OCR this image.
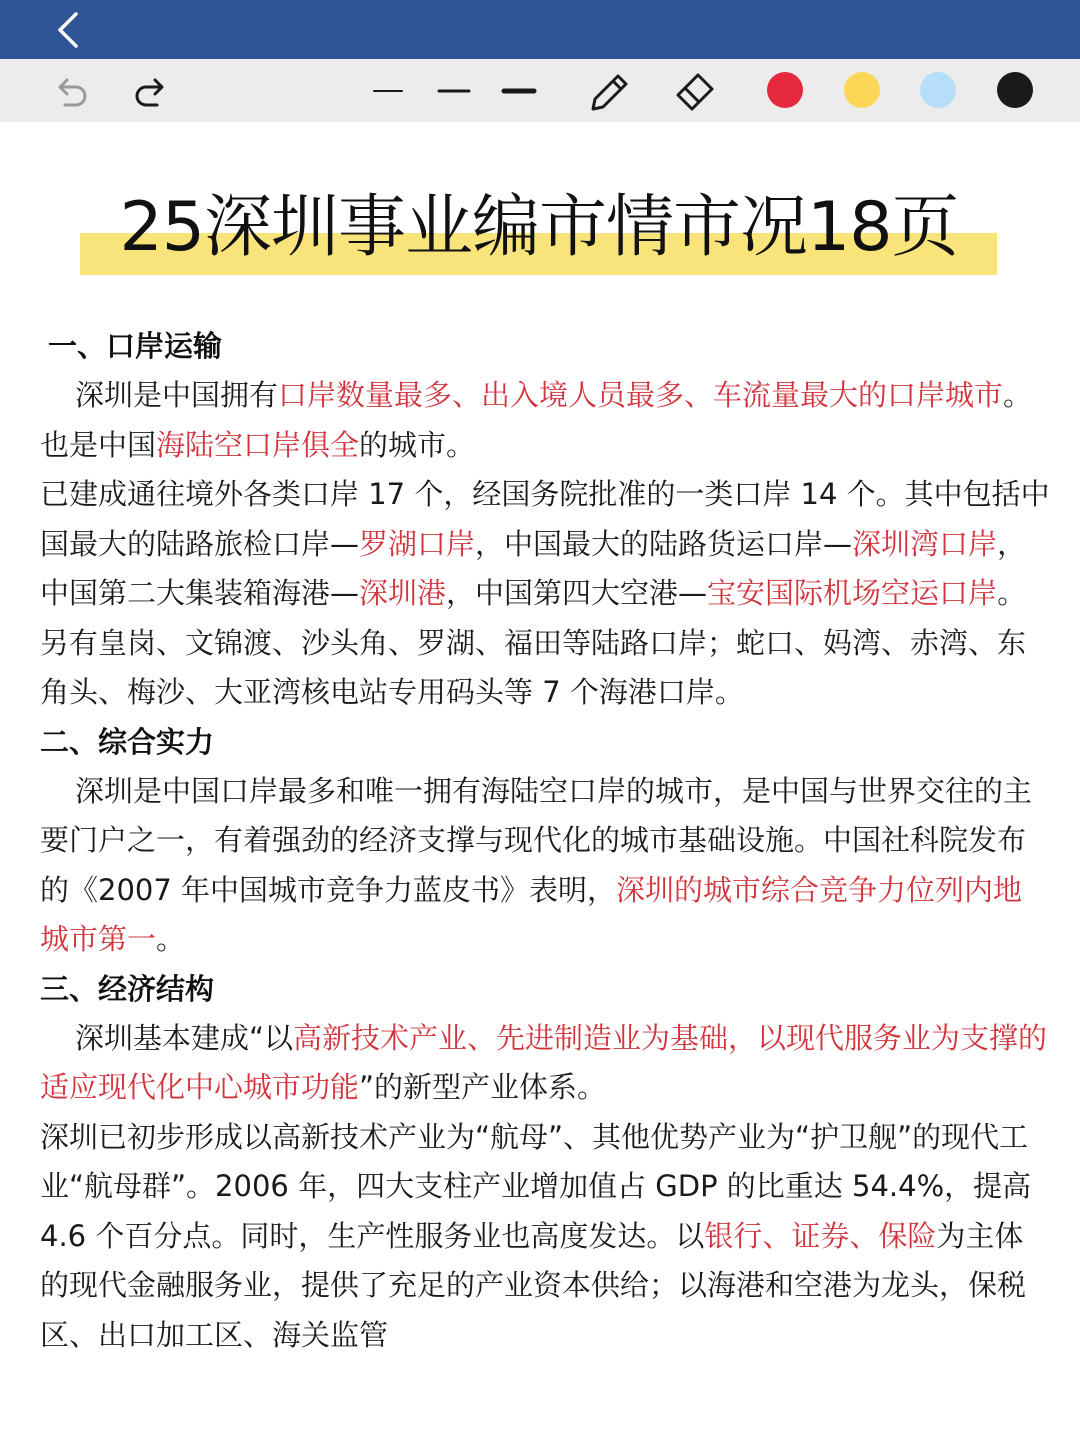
25深圳事业编市情市况18页

一、口岸运输

深圳是中国拥有口岸数量最多、出入境人员最多、车流量最大的口岸城市。也是中国海陆空口岸俱全的城市。

已建成通往境外各类口岸 17 个，经国务院批准的一类口岸 14 个。其中包括中国最大的陆路旅检口岸—罗湖口岸，中国最大的陆路货运口岸—深圳湾口岸，中国第二大集装箱海港—深圳港，中国第四大空港—宝安国际机场空运口岸。另有皇岗、文锦渡、沙头角、罗湖、福田等陆路口岸；蛇口、妈湾、赤湾、东角头、梅沙、大亚湾核电站专用码头等 7 个海港口岸。

二、综合实力

深圳是中国口岸最多和唯一拥有海陆空口岸的城市，是中国与世界交往的主要门户之一，有着强劲的经济支撑与现代化的城市基础设施。中国社科院发布的《2007 年中国城市竞争力蓝皮书》表明，深圳的城市综合竞争力位列内地城市第一。

三、经济结构

深圳基本建成“以高新技术产业、先进制造业为基础，以现代服务业为支撑的适应现代化中心城市功能”的新型产业体系。

深圳已初步形成以高新技术产业为“航母”、其他优势产业为“护卫舰”的现代工业“航母群”。2006 年，四大支柱产业增加值占 GDP 的比重达 54.4%，提高 4.6 个百分点。同时，生产性服务业也高度发达。以银行、证券、保险为主体的现代金融服务业，提供了充足的产业资本供给；以海港和空港为龙头，保税区、出口加工区、海关监管
